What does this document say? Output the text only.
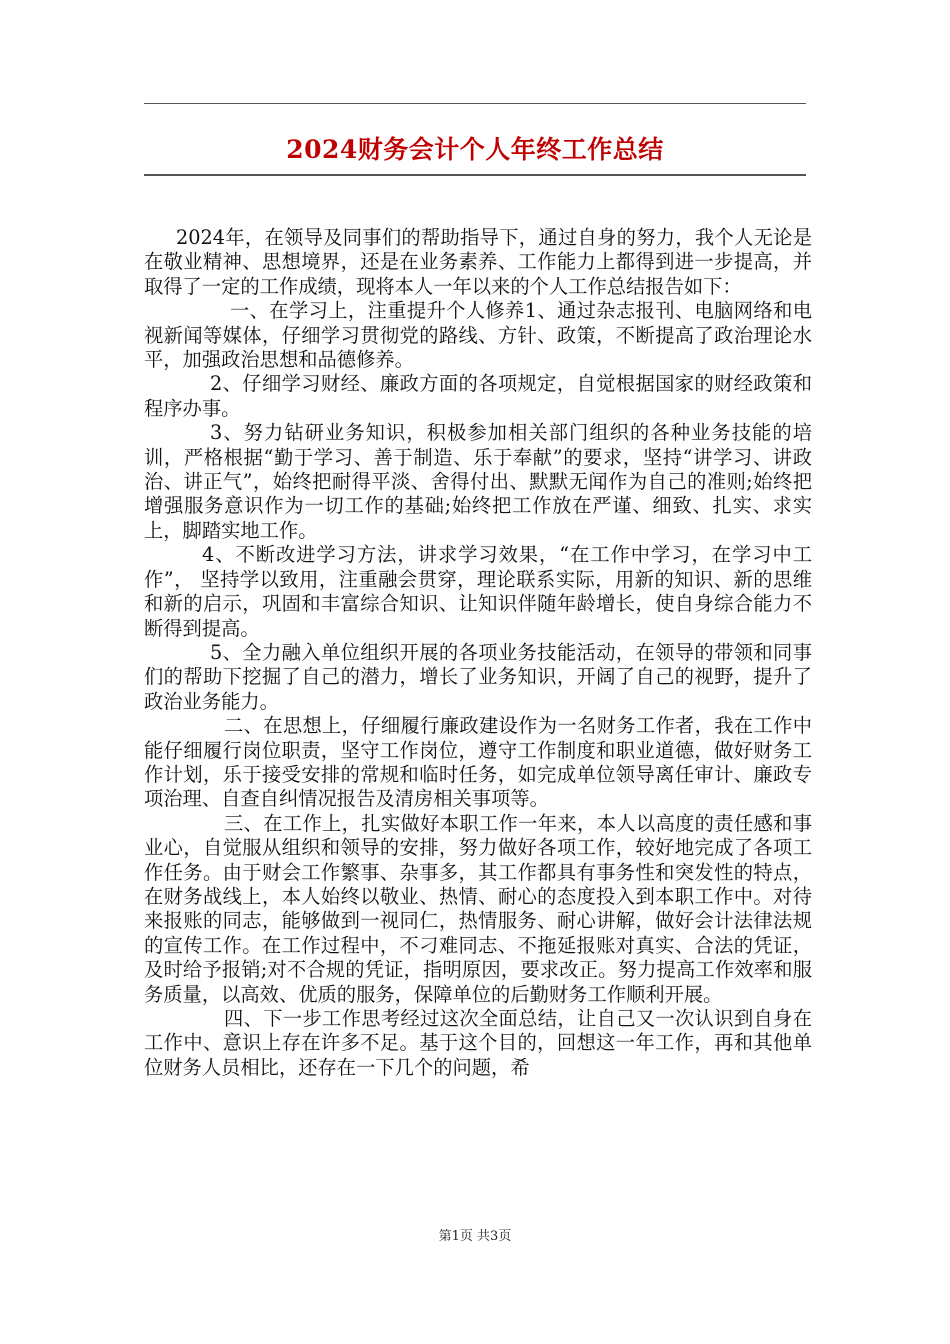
2024财务会计个人年终工作总结

2024年，在领导及同事们的帮助指导下，通过自身的努力，我个人无论是在敬业精神、思想境界，还是在业务素养、工作能力上都得到进一步提高，并取得了一定的工作成绩，现将本人一年以来的个人工作总结报告如下：

一、在学习上，注重提升个人修养1、通过杂志报刊、电脑网络和电视新闻等媒体，仔细学习贯彻党的路线、方针、政策，不断提高了政治理论水平，加强政治思想和品德修养。

2、仔细学习财经、廉政方面的各项规定，自觉根据国家的财经政策和程序办事。

3、努力钻研业务知识，积极参加相关部门组织的各种业务技能的培训，严格根据“勤于学习、善于制造、乐于奉献”的要求，坚持“讲学习、讲政治、讲正气”，始终把耐得平淡、舍得付出、默默无闻作为自己的准则;始终把增强服务意识作为一切工作的基础;始终把工作放在严谨、细致、扎实、求实上，脚踏实地工作。

4、不断改进学习方法，讲求学习效果，“在工作中学习，在学习中工作”， 坚持学以致用，注重融会贯穿，理论联系实际，用新的知识、新的思维和新的启示，巩固和丰富综合知识、让知识伴随年龄增长，使自身综合能力不断得到提高。

5、全力融入单位组织开展的各项业务技能活动，在领导的带领和同事们的帮助下挖掘了自己的潜力，增长了业务知识，开阔了自己的视野，提升了政治业务能力。

二、在思想上，仔细履行廉政建设作为一名财务工作者，我在工作中能仔细履行岗位职责，坚守工作岗位，遵守工作制度和职业道德，做好财务工作计划，乐于接受安排的常规和临时任务，如完成单位领导离任审计、廉政专项治理、自查自纠情况报告及清房相关事项等。

三、在工作上，扎实做好本职工作一年来，本人以高度的责任感和事业心，自觉服从组织和领导的安排，努力做好各项工作，较好地完成了各项工作任务。由于财会工作繁事、杂事多，其工作都具有事务性和突发性的特点，在财务战线上，本人始终以敬业、热情、耐心的态度投入到本职工作中。对待来报账的同志，能够做到一视同仁，热情服务、耐心讲解，做好会计法律法规的宣传工作。在工作过程中，不刁难同志、不拖延报账对真实、合法的凭证，及时给予报销;对不合规的凭证，指明原因，要求改正。努力提高工作效率和服务质量，以高效、优质的服务，保障单位的后勤财务工作顺利开展。

四、下一步工作思考经过这次全面总结，让自己又一次认识到自身在工作中、意识上存在许多不足。基于这个目的，回想这一年工作，再和其他单位财务人员相比，还存在一下几个的问题，希

第1页 共3页
